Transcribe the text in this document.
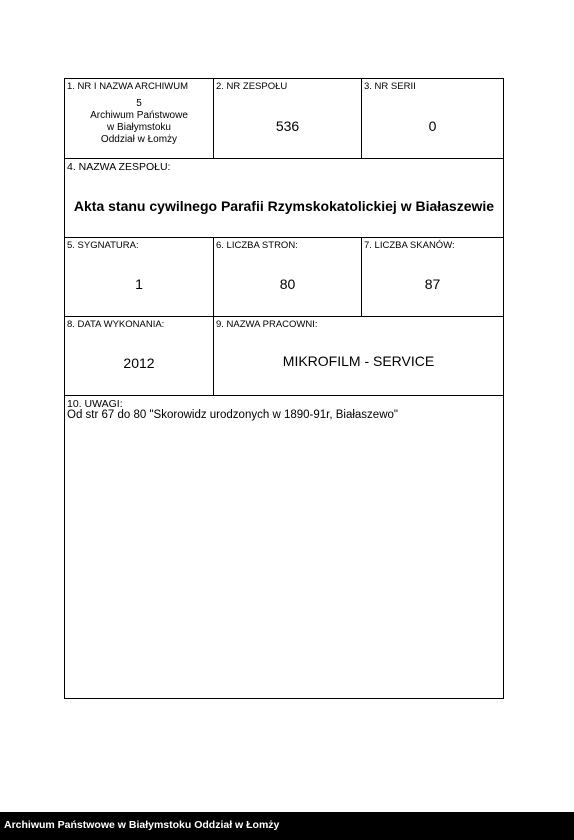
1. NR I NAZWA ARCHIWUM
5
Archiwum Państwowe
w Białymstoku
Oddział w Łomży
2. NR ZESPOŁU
536
3. NR SERII
0
4. NAZWA ZESPOŁU:
Akta stanu cywilnego Parafii Rzymskokatolickiej w Białaszewie
5. SYGNATURA:
1
6. LICZBA STRON:
80
7. LICZBA SKANÓW:
87
8. DATA WYKONANIA:
2012
9. NAZWA PRACOWNI:
MIKROFILM - SERVICE
10. UWAGI:
Od str 67 do 80 "Skorowidz urodzonych w 1890-91r, Białaszewo"
Archiwum Państwowe w Białymstoku Oddział w Łomży
